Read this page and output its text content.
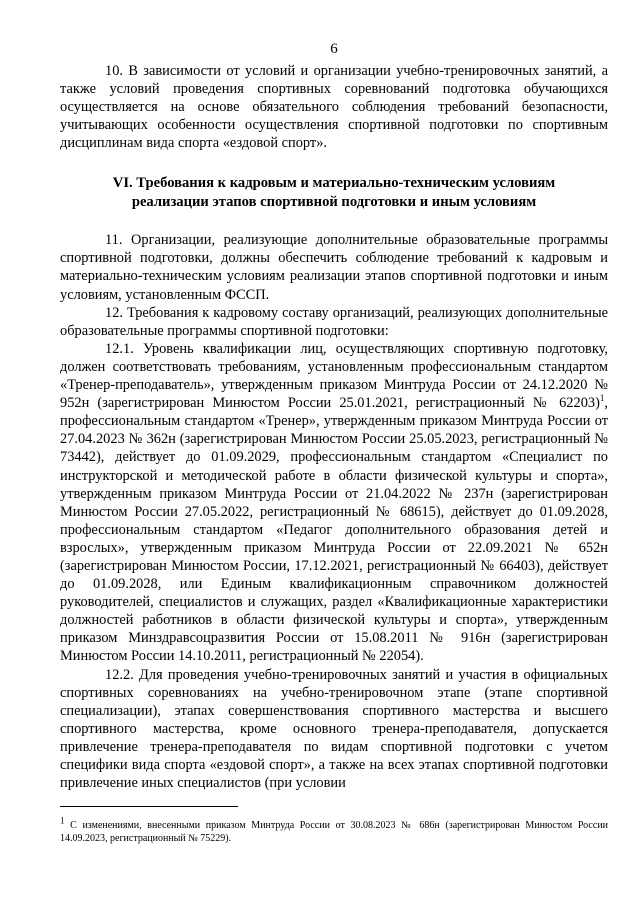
6

10. В зависимости от условий и организации учебно-тренировочных занятий, а также условий проведения спортивных соревнований подготовка обучающихся осуществляется на основе обязательного соблюдения требований безопасности, учитывающих особенности осуществления спортивной подготовки по спортивным дисциплинам вида спорта «ездовой спорт».

VI. Требования к кадровым и материально-техническим условиям реализации этапов спортивной подготовки и иным условиям

11. Организации, реализующие дополнительные образовательные программы спортивной подготовки, должны обеспечить соблюдение требований к кадровым и материально-техническим условиям реализации этапов спортивной подготовки и иным условиям, установленным ФССП.

12. Требования к кадровому составу организаций, реализующих дополнительные образовательные программы спортивной подготовки:

12.1. Уровень квалификации лиц, осуществляющих спортивную подготовку, должен соответствовать требованиям, установленным профессиональным стандартом «Тренер-преподаватель», утвержденным приказом Минтруда России от 24.12.2020 № 952н (зарегистрирован Минюстом России 25.01.2021, регистрационный № 62203)$^1$, профессиональным стандартом «Тренер», утвержденным приказом Минтруда России от 27.04.2023 № 362н (зарегистрирован Минюстом России 25.05.2023, регистрационный № 73442), действует до 01.09.2029, профессиональным стандартом «Специалист по инструкторской и методической работе в области физической культуры и спорта», утвержденным приказом Минтруда России от 21.04.2022 № 237н (зарегистрирован Минюстом России 27.05.2022, регистрационный № 68615), действует до 01.09.2028, профессиональным стандартом «Педагог дополнительного образования детей и взрослых», утвержденным приказом Минтруда России от 22.09.2021 № 652н (зарегистрирован Минюстом России, 17.12.2021, регистрационный № 66403), действует до 01.09.2028, или Единым квалификационным справочником должностей руководителей, специалистов и служащих, раздел «Квалификационные характеристики должностей работников в области физической культуры и спорта», утвержденным приказом Минздравсоцразвития России от 15.08.2011 № 916н (зарегистрирован Минюстом России 14.10.2011, регистрационный № 22054).

12.2. Для проведения учебно-тренировочных занятий и участия в официальных спортивных соревнованиях на учебно-тренировочном этапе (этапе спортивной специализации), этапах совершенствования спортивного мастерства и высшего спортивного мастерства, кроме основного тренера-преподавателя, допускается привлечение тренера-преподавателя по видам спортивной подготовки с учетом специфики вида спорта «ездовой спорт», а также на всех этапах спортивной подготовки привлечение иных специалистов (при условии

1 С изменениями, внесенными приказом Минтруда России от 30.08.2023 № 686н (зарегистрирован Минюстом России 14.09.2023, регистрационный № 75229).
